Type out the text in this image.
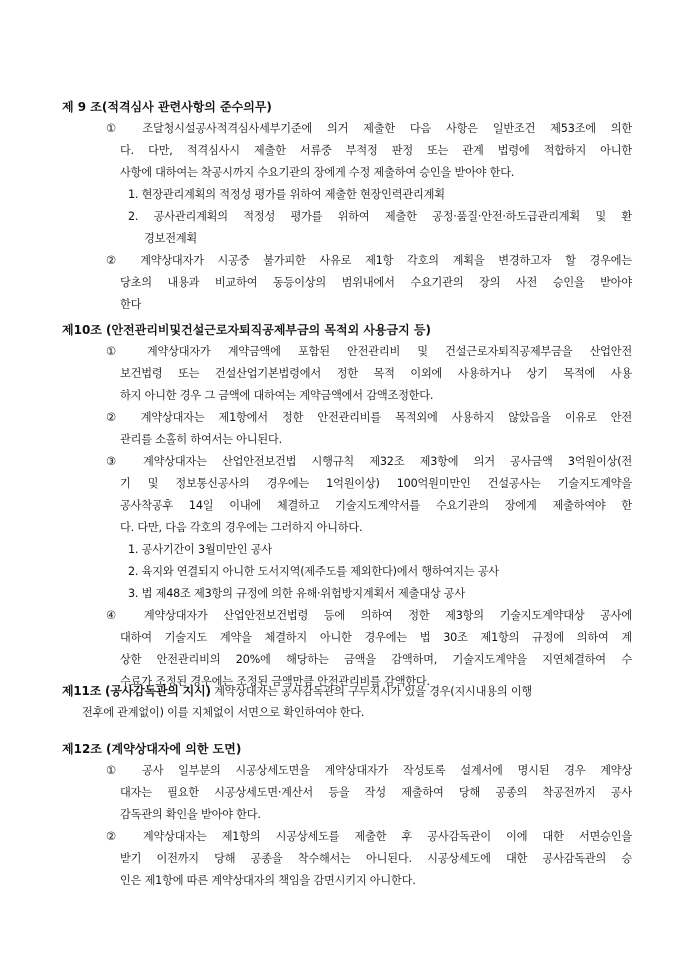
제 9 조(적격심사 관련사항의 준수의무)
① 조달청시설공사적격심사세부기준에 의거 제출한 다음 사항은 일반조건 제53조에 의한
다. 다만, 적격심사시 제출한 서류중 부적정 판정 또는 관계 법령에 적합하지 아니한
사항에 대하여는 착공시까지 수요기관의 장에게 수정 제출하여 승인을 받아야 한다.
1. 현장관리계획의 적정성 평가를 위하여 제출한 현장인력관리계획
2. 공사관리계획의 적정성 평가를 위하여 제출한 공정·품질·안전·하도급관리계획 및 환
경보전계획
② 계약상대자가 시공중 불가피한 사유로 제1항 각호의 계획을 변경하고자 할 경우에는
당초의 내용과 비교하여 동등이상의 범위내에서 수요기관의 장의 사전 승인을 받아야
한다
제10조 (안전관리비및건설근로자퇴직공제부금의 목적외 사용금지 등)
① 계약상대자가 계약금액에 포함된 안전관리비 및 건설근로자퇴직공제부금을 산업안전
보건법령 또는 건설산업기본법령에서 정한 목적 이외에 사용하거나 상기 목적에 사용
하지 아니한 경우 그 금액에 대하여는 계약금액에서 감액조정한다.
② 계약상대자는 제1항에서 정한 안전관리비를 목적외에 사용하지 않았음을 이유로 안전
관리를 소홀히 하여서는 아니된다.
③ 계약상대자는 산업안전보건법 시행규칙 제32조 제3항에 의거 공사금액 3억원이상(전
기 및 정보통신공사의 경우에는 1억원이상) 100억원미만인 건설공사는 기술지도계약을
공사착공후 14일 이내에 체결하고 기술지도계약서를 수요기관의 장에게 제출하여야 한
다. 다만, 다음 각호의 경우에는 그러하지 아니하다.
1. 공사기간이 3월미만인 공사
2. 육지와 연결되지 아니한 도서지역(제주도를 제외한다)에서 행하여지는 공사
3. 법 제48조 제3항의 규정에 의한 유해·위험방지계획서 제출대상 공사
④ 계약상대자가 산업안전보건법령 등에 의하여 정한 제3항의 기술지도계약대상 공사에
대하여 기술지도 계약을 체결하지 아니한 경우에는 법 30조 제1항의 규정에 의하여 계
상한 안전관리비의 20%에 해당하는 금액을 감액하며, 기술지도계약을 지연체결하여 수
수료가 조정된 경우에는 조정된 금액만큼 안전관리비를 감액한다.
제11조 (공사감독관의 지시) 계약상대자는 공사감독관의 구두지시가 있을 경우(지시내용의 이행
전후에 관계없이) 이를 지체없이 서면으로 확인하여야 한다.
제12조 (계약상대자에 의한 도면)
① 공사 일부분의 시공상세도면을 계약상대자가 작성토록 설계서에 명시된 경우 계약상
대자는 필요한 시공상세도면·계산서 등을 작성 제출하여 당해 공종의 착공전까지 공사
감독관의 확인을 받아야 한다.
② 계약상대자는 제1항의 시공상세도를 제출한 후 공사감독관이 이에 대한 서면승인을
받기 이전까지 당해 공종을 착수해서는 아니된다. 시공상세도에 대한 공사감독관의 승
인은 제1항에 따른 계약상대자의 책임을 감면시키지 아니한다.
